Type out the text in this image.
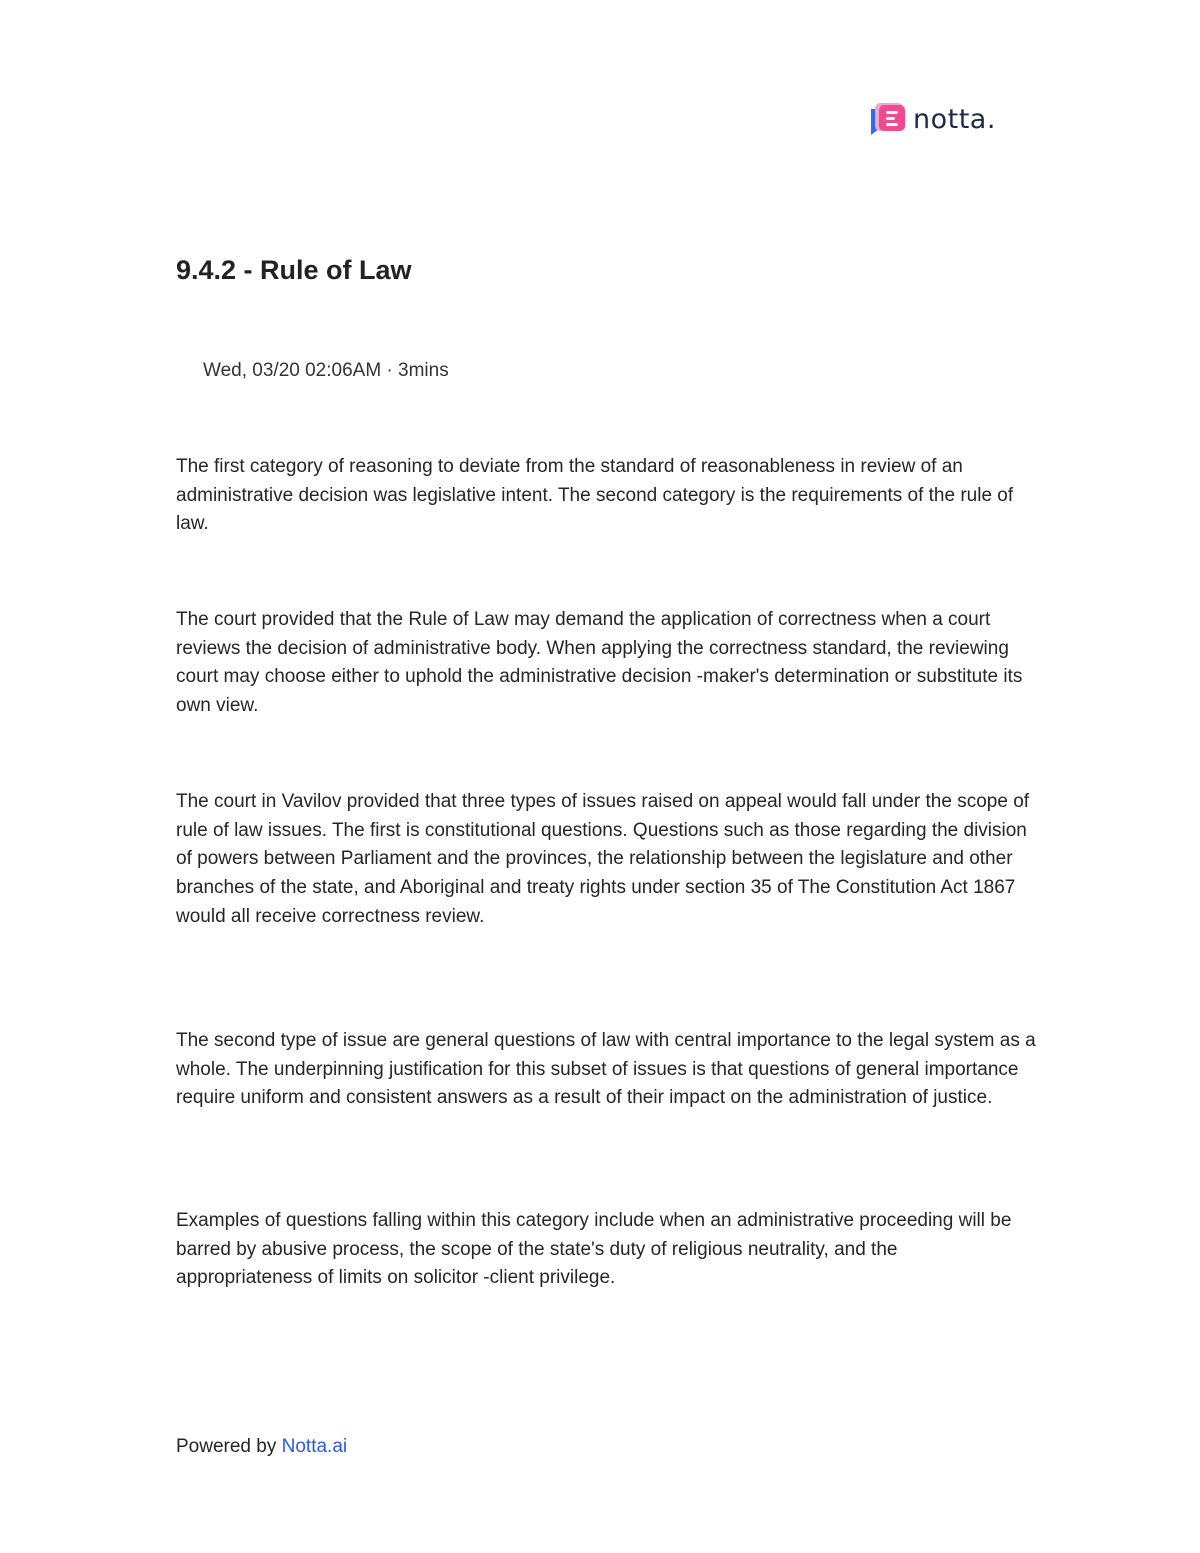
notta.
9.4.2 - Rule of Law
Wed, 03/20 02:06AM · 3mins

The first category of reasoning to deviate from the standard of reasonableness in review of an administrative decision was legislative intent. The second category is the requirements of the rule of law.

The court provided that the Rule of Law may demand the application of correctness when a court reviews the decision of administrative body. When applying the correctness standard, the reviewing court may choose either to uphold the administrative decision -maker's determination or substitute its own view.

The court in Vavilov provided that three types of issues raised on appeal would fall under the scope of rule of law issues. The first is constitutional questions. Questions such as those regarding the division of powers between Parliament and the provinces, the relationship between the legislature and other branches of the state, and Aboriginal and treaty rights under section 35 of The Constitution Act 1867 would all receive correctness review.

The second type of issue are general questions of law with central importance to the legal system as a whole. The underpinning justification for this subset of issues is that questions of general importance require uniform and consistent answers as a result of their impact on the administration of justice.

Examples of questions falling within this category include when an administrative proceeding will be barred by abusive process, the scope of the state's duty of religious neutrality, and the appropriateness of limits on solicitor -client privilege.

Powered by Notta.ai
